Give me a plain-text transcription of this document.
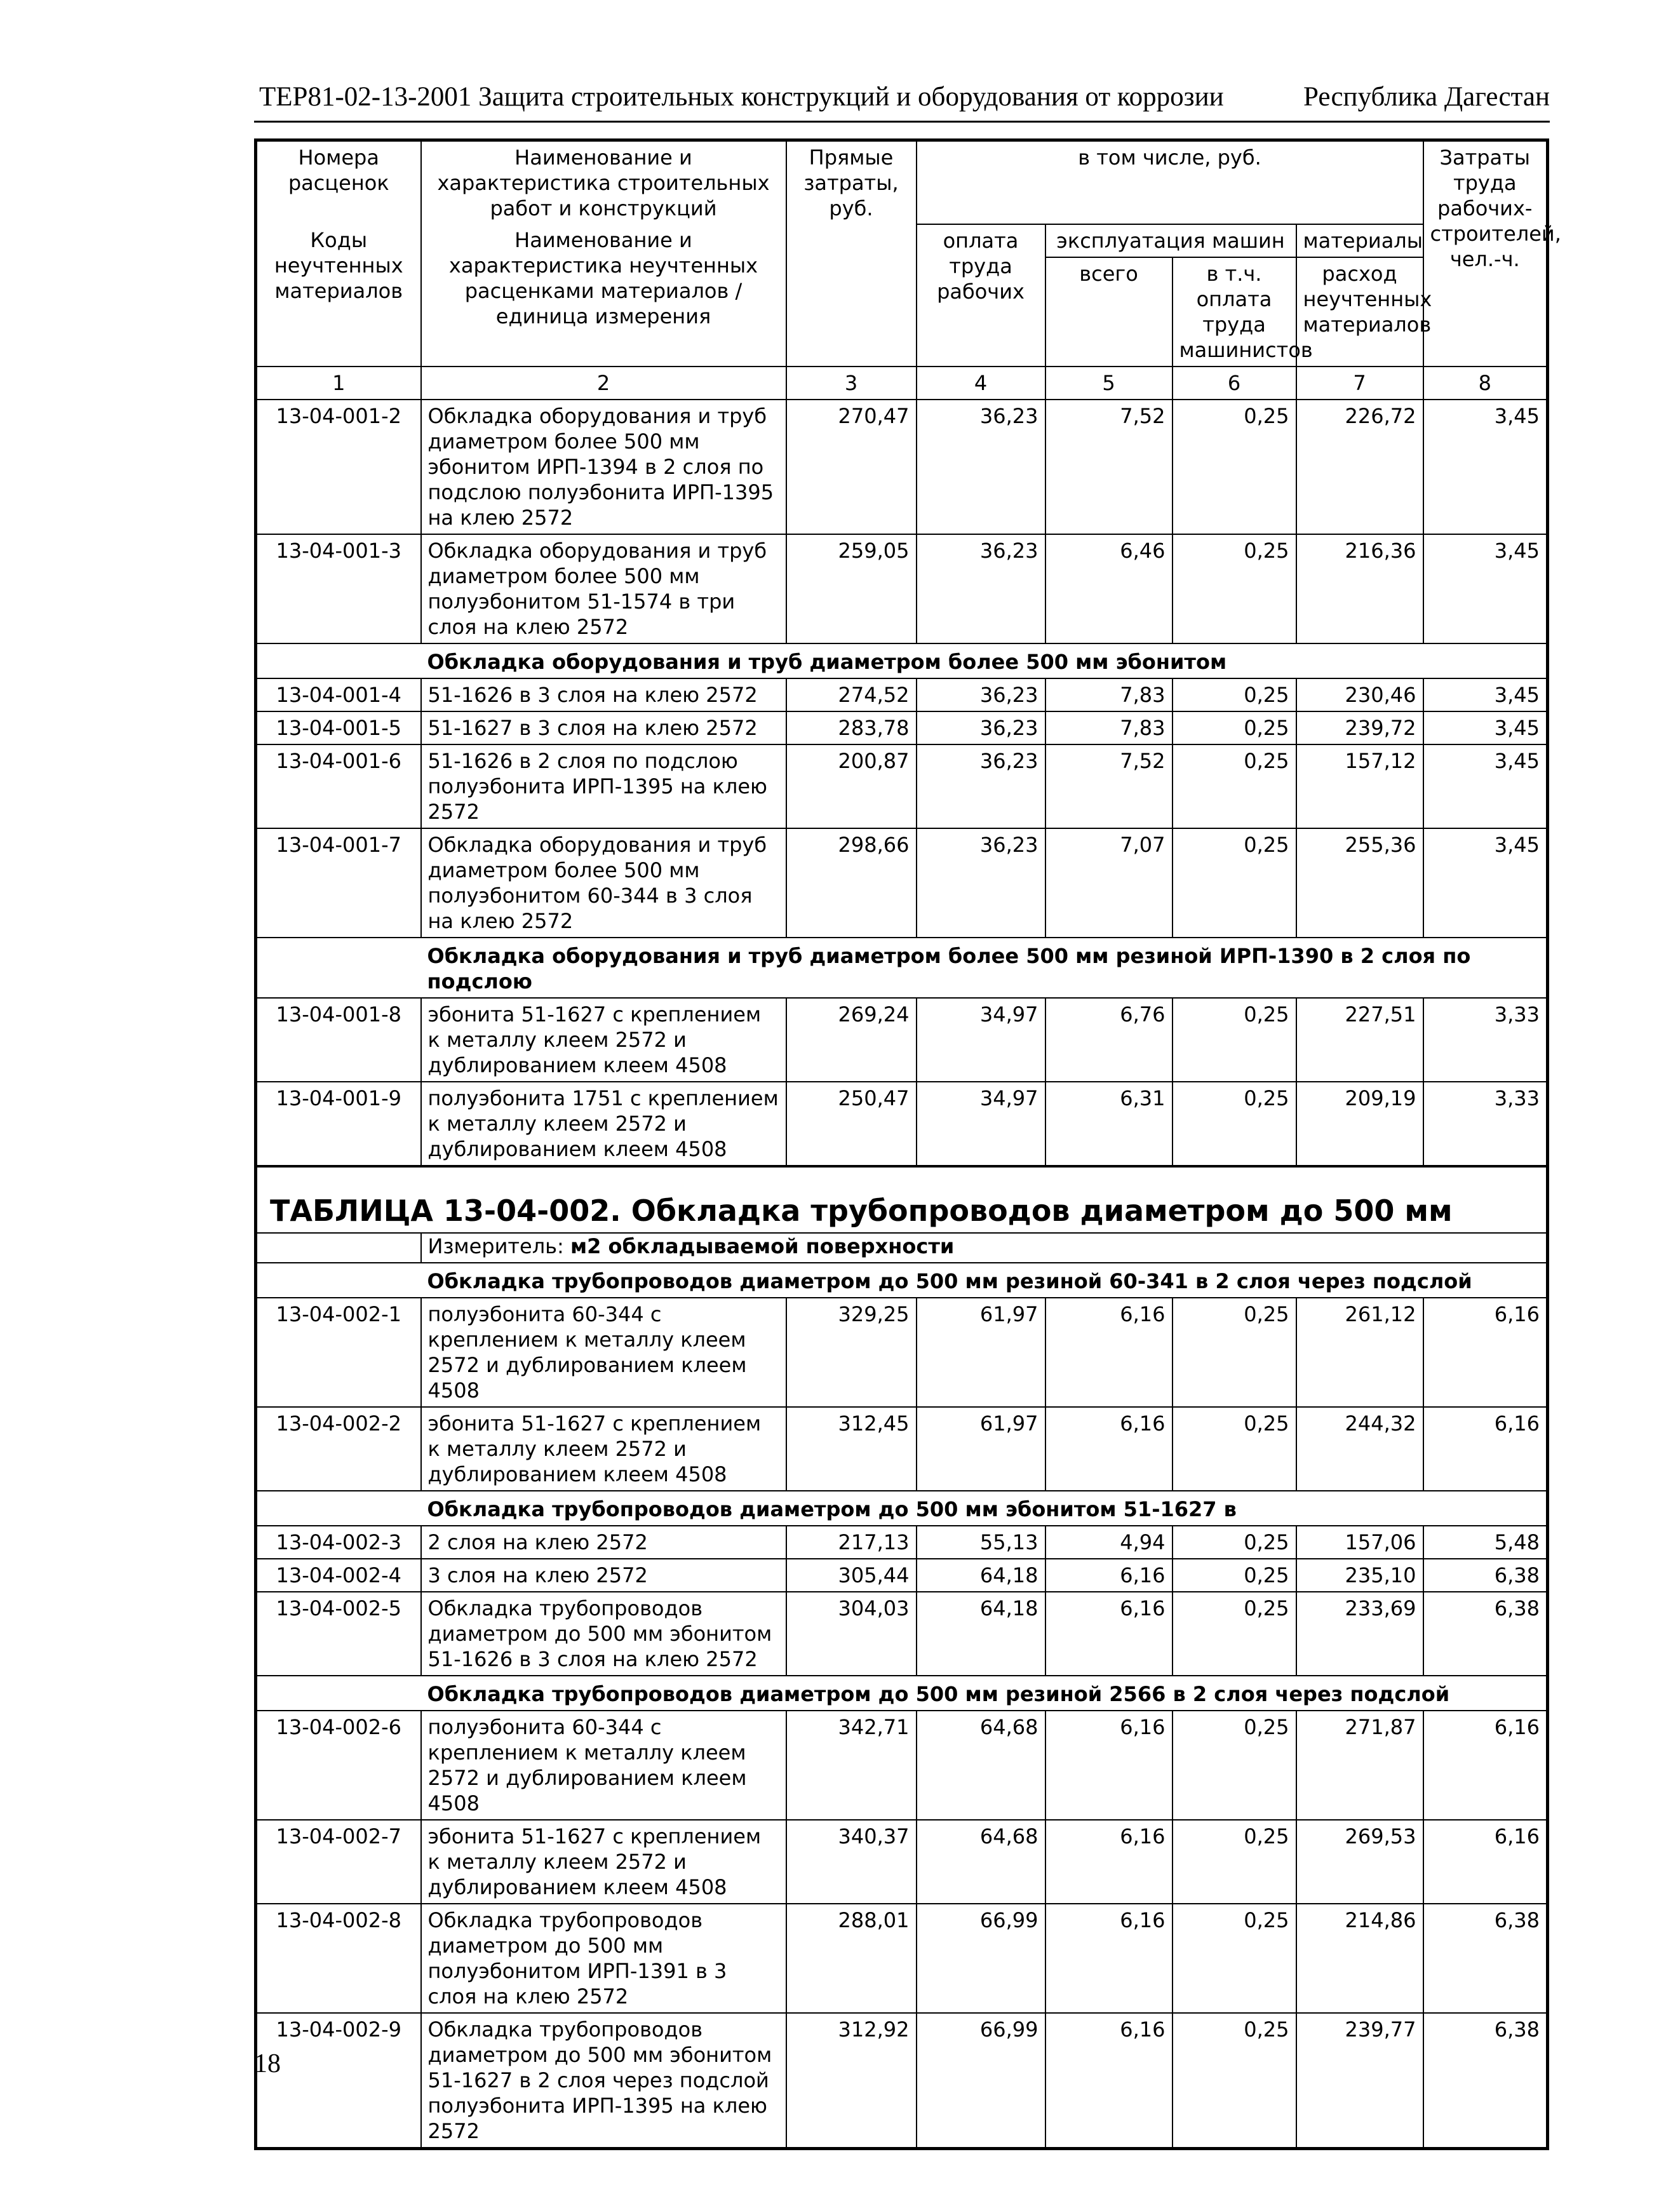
ТЕР81-02-13-2001 Защита строительных конструкций и оборудования от коррозии	Республика Дагестан
Номера расценок	Наименование и характеристика строительных работ и конструкций	Прямые затраты, руб.	в том числе, руб.				Затраты труда рабочих-строителей, чел.-ч.
Коды неучтенных материалов	Наименование и характеристика неучтенных расценками материалов / единица измерения		оплата труда рабочих	эксплуатация машин		материалы	
				всего	в т.ч. оплата труда машинистов	расход неучтенных материалов	
1	2	3	4	5	6	7	8
13-04-001-2	Обкладка оборудования и труб диаметром более 500 мм эбонитом ИРП-1394 в 2 слоя по подслою полуэбонита ИРП-1395 на клею 2572	270,47	36,23	7,52	0,25	226,72	3,45
13-04-001-3	Обкладка оборудования и труб диаметром более 500 мм полуэбонитом 51-1574 в три слоя на клею 2572	259,05	36,23	6,46	0,25	216,36	3,45
	Обкладка оборудования и труб диаметром более 500 мм эбонитом						
13-04-001-4	51-1626 в 3 слоя на клею 2572	274,52	36,23	7,83	0,25	230,46	3,45
13-04-001-5	51-1627 в 3 слоя на клею 2572	283,78	36,23	7,83	0,25	239,72	3,45
13-04-001-6	51-1626 в 2 слоя по подслою полуэбонита ИРП-1395 на клею 2572	200,87	36,23	7,52	0,25	157,12	3,45
13-04-001-7	Обкладка оборудования и труб диаметром более 500 мм полуэбонитом 60-344 в 3 слоя на клею 2572	298,66	36,23	7,07	0,25	255,36	3,45
	Обкладка оборудования и труб диаметром более 500 мм резиной ИРП-1390 в 2 слоя по подслою						
13-04-001-8	эбонита 51-1627 с креплением к металлу клеем 2572 и дублированием клеем 4508	269,24	34,97	6,76	0,25	227,51	3,33
13-04-001-9	полуэбонита 1751 с креплением к металлу клеем 2572 и дублированием клеем 4508	250,47	34,97	6,31	0,25	209,19	3,33

ТАБЛИЦА 13-04-002. Обкладка трубопроводов диаметром до 500 мм							

	Измеритель: м2 обкладываемой поверхности						
	Обкладка трубопроводов диаметром до 500 мм резиной 60-341 в 2 слоя через подслой						
13-04-002-1	полуэбонита 60-344 с креплением к металлу клеем 2572 и дублированием клеем 4508	329,25	61,97	6,16	0,25	261,12	6,16
13-04-002-2	эбонита 51-1627 с креплением к металлу клеем 2572 и дублированием клеем 4508	312,45	61,97	6,16	0,25	244,32	6,16
	Обкладка трубопроводов диаметром до 500 мм эбонитом 51-1627 в						
13-04-002-3	2 слоя на клею 2572	217,13	55,13	4,94	0,25	157,06	5,48
13-04-002-4	3 слоя на клею 2572	305,44	64,18	6,16	0,25	235,10	6,38
13-04-002-5	Обкладка трубопроводов диаметром до 500 мм эбонитом 51-1626 в 3 слоя на клею 2572	304,03	64,18	6,16	0,25	233,69	6,38
	Обкладка трубопроводов диаметром до 500 мм резиной 2566 в 2 слоя через подслой						
13-04-002-6	полуэбонита 60-344 с креплением к металлу клеем 2572 и дублированием клеем 4508	342,71	64,68	6,16	0,25	271,87	6,16
13-04-002-7	эбонита 51-1627 с креплением к металлу клеем 2572 и дублированием клеем 4508	340,37	64,68	6,16	0,25	269,53	6,16
13-04-002-8	Обкладка трубопроводов диаметром до 500 мм полуэбонитом ИРП-1391 в 3 слоя на клею 2572	288,01	66,99	6,16	0,25	214,86	6,38
13-04-002-9	Обкладка трубопроводов диаметром до 500 мм эбонитом 51-1627 в 2 слоя через подслой полуэбонита ИРП-1395 на клею 2572	312,92	66,99	6,16	0,25	239,77	6,38
18
